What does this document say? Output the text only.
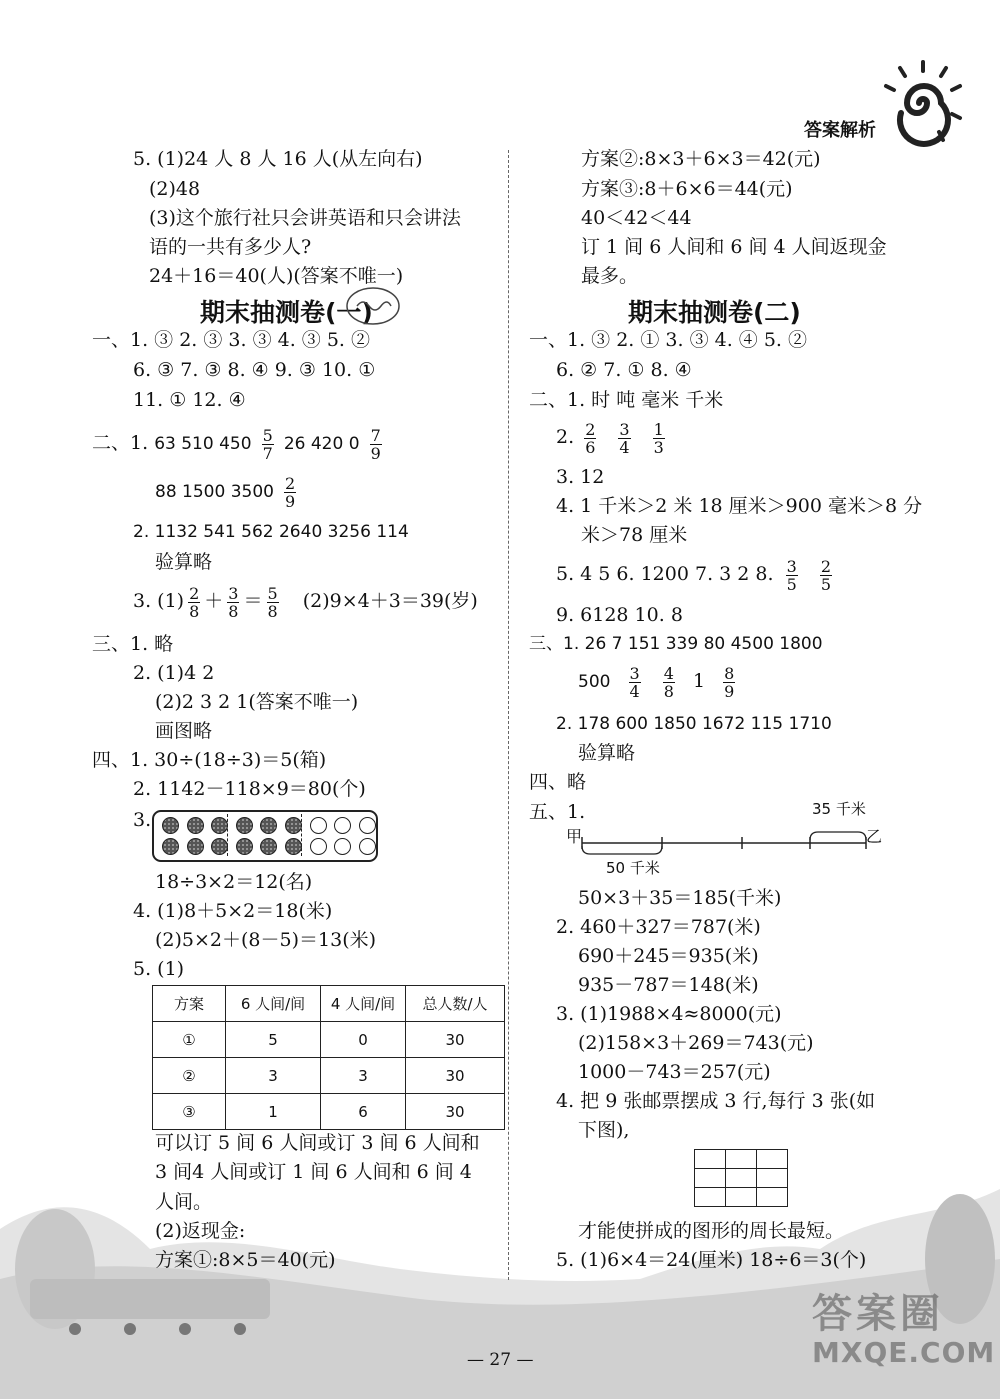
答案解析
5. (1)24 人 8 人 16 人(从左向右)
(2)48
(3)这个旅行社只会讲英语和只会讲法
语的一共有多少人?
24＋16＝40(人)(答案不唯一)
期末抽测卷(一)
一、1. ③ 2. ③ 3. ③ 4. ③ 5. ②
6. ③ 7. ③ 8. ④ 9. ③ 10. ①
11. ① 12. ④
二、1. 63 510 $450 \frac{5}{7} 26$ 420 $0 \frac{7}{9}$
88 1500 $3500 \frac{2}{9}$
2. 1132 541 562 2640 3256 114
验算略
3. $(1) \frac{2}{8} + \frac{3}{8} = \frac{5}{8} (2)9\times 4+3=39$(岁)
三、1. 略
2. (1)4 2
(2)2 3 2 1(答案不唯一)
画图略
四、1. 30÷(18÷3)＝5(箱)
2. 1142－118×9＝80(个)
3.
18÷3×2＝12(名)
4. (1)8＋5×2＝18(米)
(2)5×2＋(8－5)＝13(米)
5. (1)
方案	6 人间/间	4 人间/间	总人数/人
①	5	0	30
②	3	3	30
③	1	6	30
可以订 5 间 6 人间或订 3 间 6 人间和
3 间4 人间或订 1 间 6 人间和 6 间 4
人间。
(2)返现金:
方案①:8×5＝40(元)
方案②:8×3＋6×3＝42(元)
方案③:8＋6×6＝44(元)
40＜42＜44
订 1 间 6 人间和 6 间 4 人间返现金
最多。
期末抽测卷(二)
一、1. ③ 2. ① 3. ③ 4. ④ 5. ②
6. ② 7. ① 8. ④
二、1. 时 吨 毫米 千米
2. $\frac{2}{6}$
$\frac{3}{4}$
$\frac{1}{3}$
3. 12
4. 1 千米＞2 米 18 厘米＞900 毫米＞8 分
米＞78 厘米
5. 4 5 6. 1200 7. 3 2 8. $\frac{3}{5}$
$\frac{2}{5}$
9. 6128 10. 8
三、1. 26 7 151 339 80 4500 1800
$500 \frac{3}{4}$
$\frac{4}{8} 1 \frac{8}{9}$
2. 178 600 1850 1672 115 1710
验算略
四、略
五、1.
甲	乙
35 千米
50 千米
50×3＋35＝185(千米)
2. 460＋327＝787(米)
690＋245＝935(米)
935－787＝148(米)
3. (1)1988×4≈8000(元)
(2)158×3＋269＝743(元)
1000－743＝257(元)
4. 把 9 张邮票摆成 3 行,每行 3 张(如
下图),

才能使拼成的图形的周长最短。
5. (1)6×4＝24(厘米) 18÷6＝3(个)
— 27 —
答案圈
MXQE.COM
